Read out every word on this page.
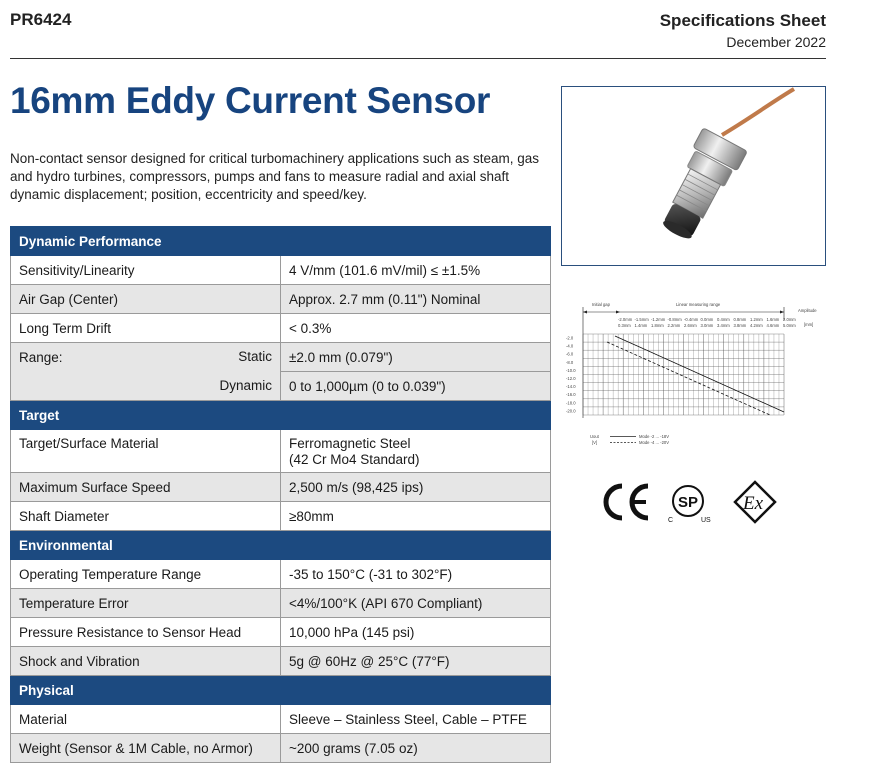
PR6424	Specifications Sheet
December 2022
16mm Eddy Current Sensor
Non-contact sensor designed for critical turbomachinery applications such as steam, gas and hydro turbines, compressors, pumps and fans to measure radial and axial shaft dynamic displacement; position, eccentricity and speed/key.
Dynamic Performance	
Sensitivity/Linearity	4 V/mm (101.6 mV/mil) ≤ ±1.5%
Air Gap (Center)	Approx. 2.7 mm (0.11") Nominal
Long Term Drift	< 0.3%
Range: Static	±2.0 mm (0.079")

Dynamic	0 to 1,000µm (0 to 0.039")
Target	
Target/Surface Material	Ferromagnetic Steel
(42 Cr Mo4 Standard)

Maximum Surface Speed	2,500 m/s (98,425 ips)
Shaft Diameter	≥80mm
Environmental	
Operating Temperature Range	-35 to 150°C (-31 to 302°F)
Temperature Error	<4%/100°K (API 670 Compliant)
Pressure Resistance to Sensor Head	10,000 hPa (145 psi)
Shock and Vibration	5g @ 60Hz @ 25°C (77°F)
Physical	
Material	Sleeve – Stainless Steel, Cable – PTFE
Weight (Sensor & 1M Cable, no Armor)	~200 grams (7.05 oz)
Initial gap	Linear measuring range
Amplitude
[mm]
-2.0
-4.0
-6.0
-8.0
-10.0
-12.0
-14.0
-16.0
-18.0
-20.0
-2.0mm
0.3mm
-1.5mm
1.4mm
-1.2mm
1.8mm
-0.8mm
2.2mm
-0.4mm
2.6mm
0.0mm
3.0mm
0.4mm
3.4mm
0.8mm
3.8mm
1.2mm
4.2mm
1.6mm
4.6mm
2.0mm
5.0mm
Uout
[V]
Mode -2 ... -18V
Mode -4 ... -20V
SP
C	US
Ex
